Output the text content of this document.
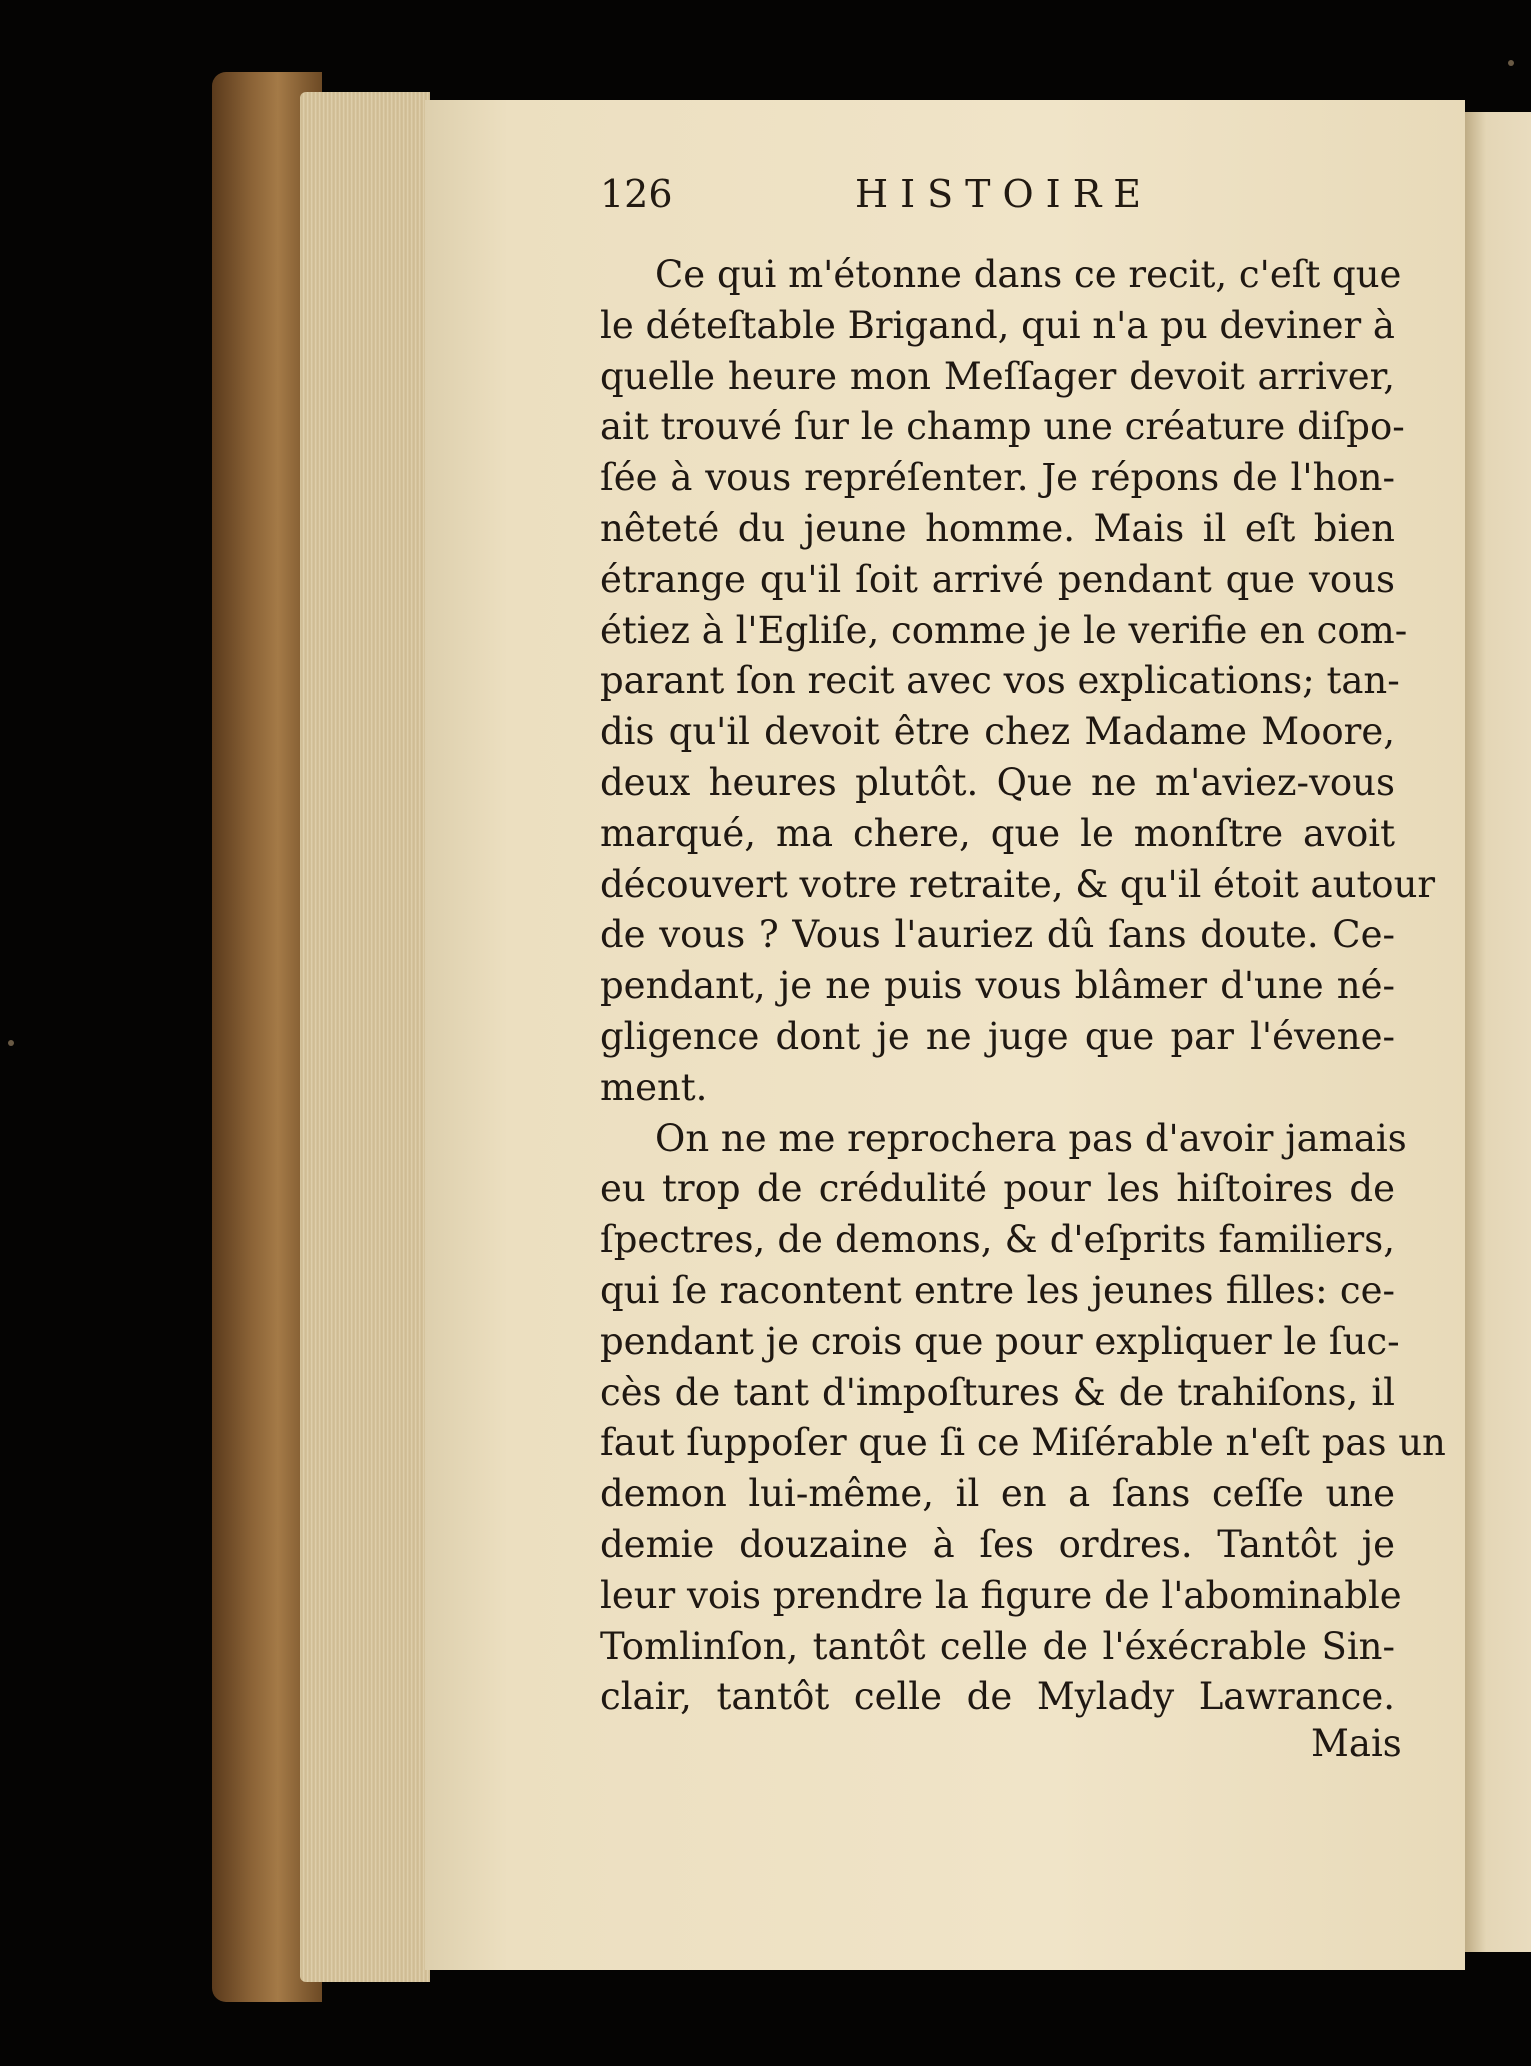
126	HISTOIRE
Ce qui m'étonne dans ce recit, c'eſt que
le déteſtable Brigand, qui n'a pu deviner à
quelle heure mon Meſſager devoit arriver,
ait trouvé ſur le champ une créature diſpo-
ſée à vous repréſenter. Je répons de l'hon-
nêteté du jeune homme. Mais il eſt bien
étrange qu'il ſoit arrivé pendant que vous
étiez à l'Egliſe, comme je le verifie en com-
parant ſon recit avec vos explications; tan-
dis qu'il devoit être chez Madame Moore,
deux heures plutôt. Que ne m'aviez-vous
marqué, ma chere, que le monſtre avoit
découvert votre retraite, & qu'il étoit autour
de vous ? Vous l'auriez dû ſans doute. Ce-
pendant, je ne puis vous blâmer d'une né-
gligence dont je ne juge que par l'évene-
ment.
On ne me reprochera pas d'avoir jamais
eu trop de crédulité pour les hiſtoires de
ſpectres, de demons, & d'eſprits familiers,
qui ſe racontent entre les jeunes filles: ce-
pendant je crois que pour expliquer le ſuc-
cès de tant d'impoſtures & de trahiſons, il
faut ſuppoſer que ſi ce Miſérable n'eſt pas un
demon lui-même, il en a ſans ceſſe une
demie douzaine à ſes ordres. Tantôt je
leur vois prendre la figure de l'abominable
Tomlinſon, tantôt celle de l'éxécrable Sin-
clair, tantôt celle de Mylady Lawrance.
Mais
